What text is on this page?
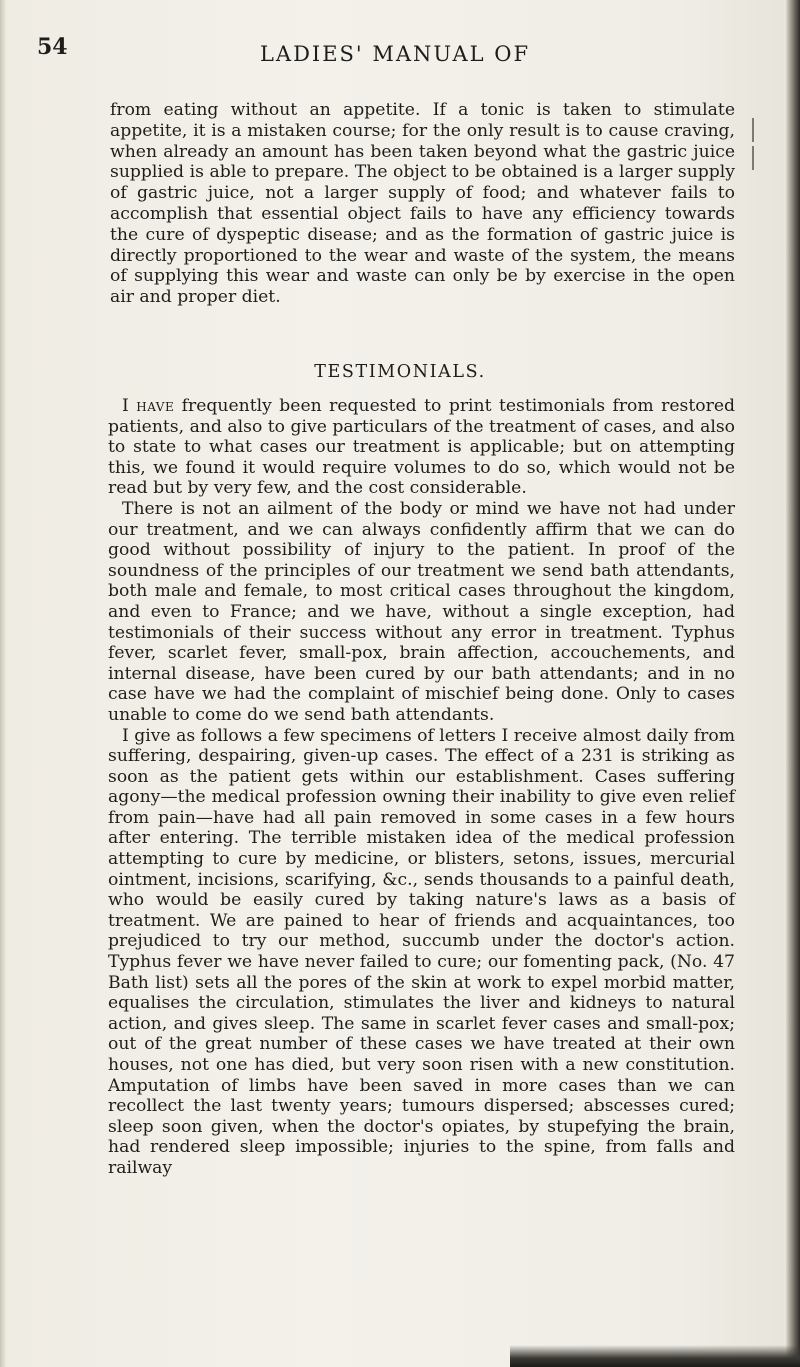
54	LADIES' MANUAL OF
from eating without an appetite. If a tonic is taken to stimulate appetite, it is a mistaken course; for the only result is to cause craving, when already an amount has been taken beyond what the gastric juice supplied is able to prepare. The object to be obtained is a larger supply of gastric juice, not a larger supply of food; and whatever fails to accomplish that essential object fails to have any efficiency towards the cure of dyspeptic disease; and as the formation of gastric juice is directly proportioned to the wear and waste of the system, the means of supplying this wear and waste can only be by exercise in the open air and proper diet.
TESTIMONIALS.

I have frequently been requested to print testimonials from restored patients, and also to give particulars of the treatment of cases, and also to state to what cases our treatment is applicable; but on attempting this, we found it would require volumes to do so, which would not be read but by very few, and the cost considerable.

There is not an ailment of the body or mind we have not had under our treatment, and we can always confidently affirm that we can do good without possibility of injury to the patient. In proof of the soundness of the principles of our treatment we send bath attendants, both male and female, to most critical cases throughout the kingdom, and even to France; and we have, without a single exception, had testimonials of their success without any error in treatment. Typhus fever, scarlet fever, small-pox, brain affection, accouchements, and internal disease, have been cured by our bath attendants; and in no case have we had the complaint of mischief being done. Only to cases unable to come do we send bath attendants.

I give as follows a few specimens of letters I receive almost daily from suffering, despairing, given-up cases. The effect of a 231 is striking as soon as the patient gets within our establishment. Cases suffering agony—the medical profession owning their inability to give even relief from pain—have had all pain removed in some cases in a few hours after entering. The terrible mistaken idea of the medical profession attempting to cure by medicine, or blisters, setons, issues, mercurial ointment, incisions, scarifying, &c., sends thousands to a painful death, who would be easily cured by taking nature's laws as a basis of treatment. We are pained to hear of friends and acquaintances, too prejudiced to try our method, succumb under the doctor's action. Typhus fever we have never failed to cure; our fomenting pack, (No. 47 Bath list) sets all the pores of the skin at work to expel morbid matter, equalises the circulation, stimulates the liver and kidneys to natural action, and gives sleep. The same in scarlet fever cases and small-pox; out of the great number of these cases we have treated at their own houses, not one has died, but very soon risen with a new constitution. Amputation of limbs have been saved in more cases than we can recollect the last twenty years; tumours dispersed; abscesses cured; sleep soon given, when the doctor's opiates, by stupefying the brain, had rendered sleep impossible; injuries to the spine, from falls and railway
